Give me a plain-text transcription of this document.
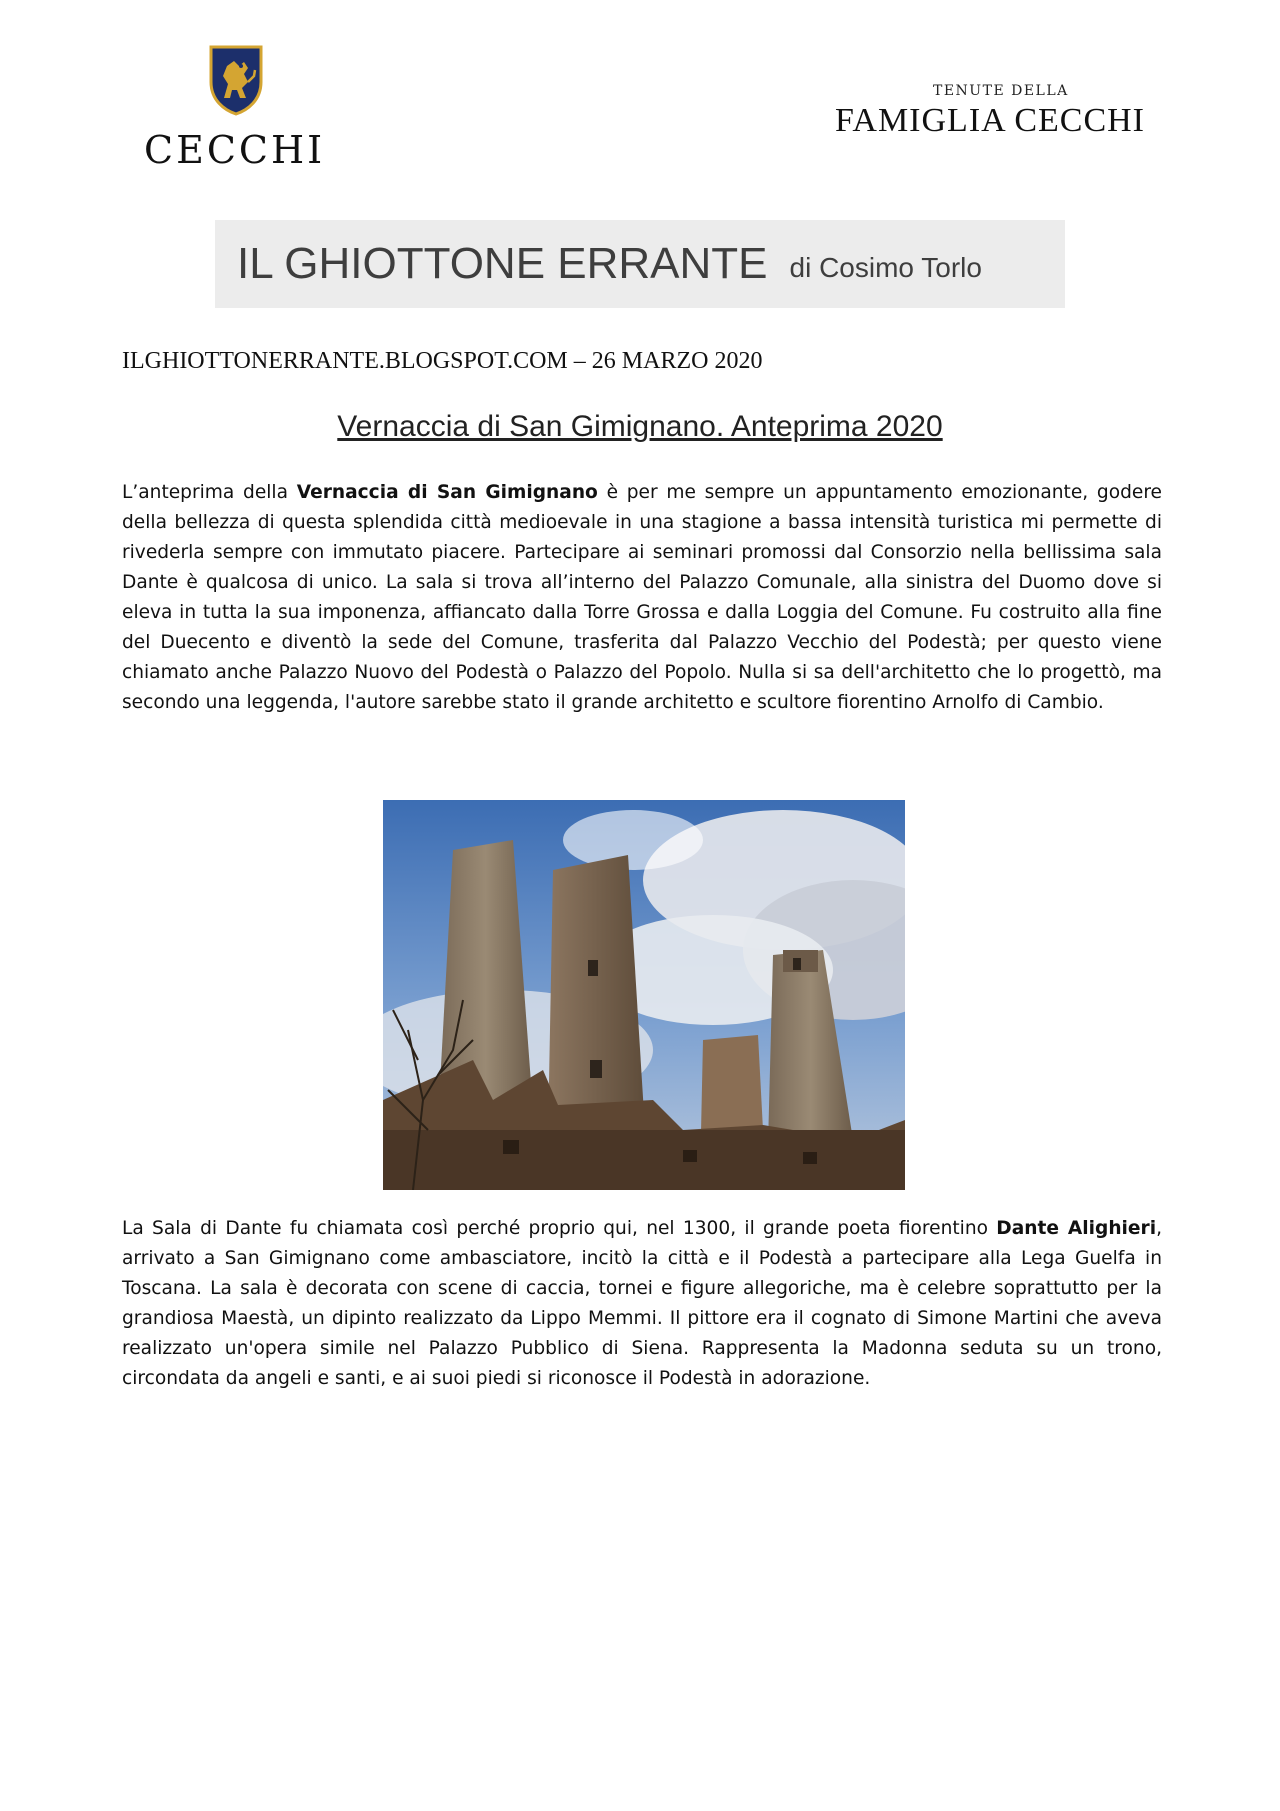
CECCHI
TENUTE DELLA
FAMIGLIA CECCHI
IL GHIOTTONE ERRANTE di Cosimo Torlo
ILGHIOTTONERRANTE.BLOGSPOT.COM – 26 MARZO 2020
Vernaccia di San Gimignano. Anteprima 2020

L’anteprima della Vernaccia di San Gimignano è per me sempre un appuntamento emozionante, godere della bellezza di questa splendida città medioevale in una stagione a bassa intensità turistica mi permette di rivederla sempre con immutato piacere. Partecipare ai seminari promossi dal Consorzio nella bellissima sala Dante è qualcosa di unico. La sala si trova all’interno del Palazzo Comunale, alla sinistra del Duomo dove si eleva in tutta la sua imponenza, affiancato dalla Torre Grossa e dalla Loggia del Comune. Fu costruito alla fine del Duecento e diventò la sede del Comune, trasferita dal Palazzo Vecchio del Podestà; per questo viene chiamato anche Palazzo Nuovo del Podestà o Palazzo del Popolo. Nulla si sa dell'architetto che lo progettò, ma secondo una leggenda, l'autore sarebbe stato il grande architetto e scultore fiorentino Arnolfo di Cambio.

La Sala di Dante fu chiamata così perché proprio qui, nel 1300, il grande poeta fiorentino Dante Alighieri, arrivato a San Gimignano come ambasciatore, incitò la città e il Podestà a partecipare alla Lega Guelfa in Toscana. La sala è decorata con scene di caccia, tornei e figure allegoriche, ma è celebre soprattutto per la grandiosa Maestà, un dipinto realizzato da Lippo Memmi. Il pittore era il cognato di Simone Martini che aveva realizzato un'opera simile nel Palazzo Pubblico di Siena. Rappresenta la Madonna seduta su un trono, circondata da angeli e santi, e ai suoi piedi si riconosce il Podestà in adorazione.
